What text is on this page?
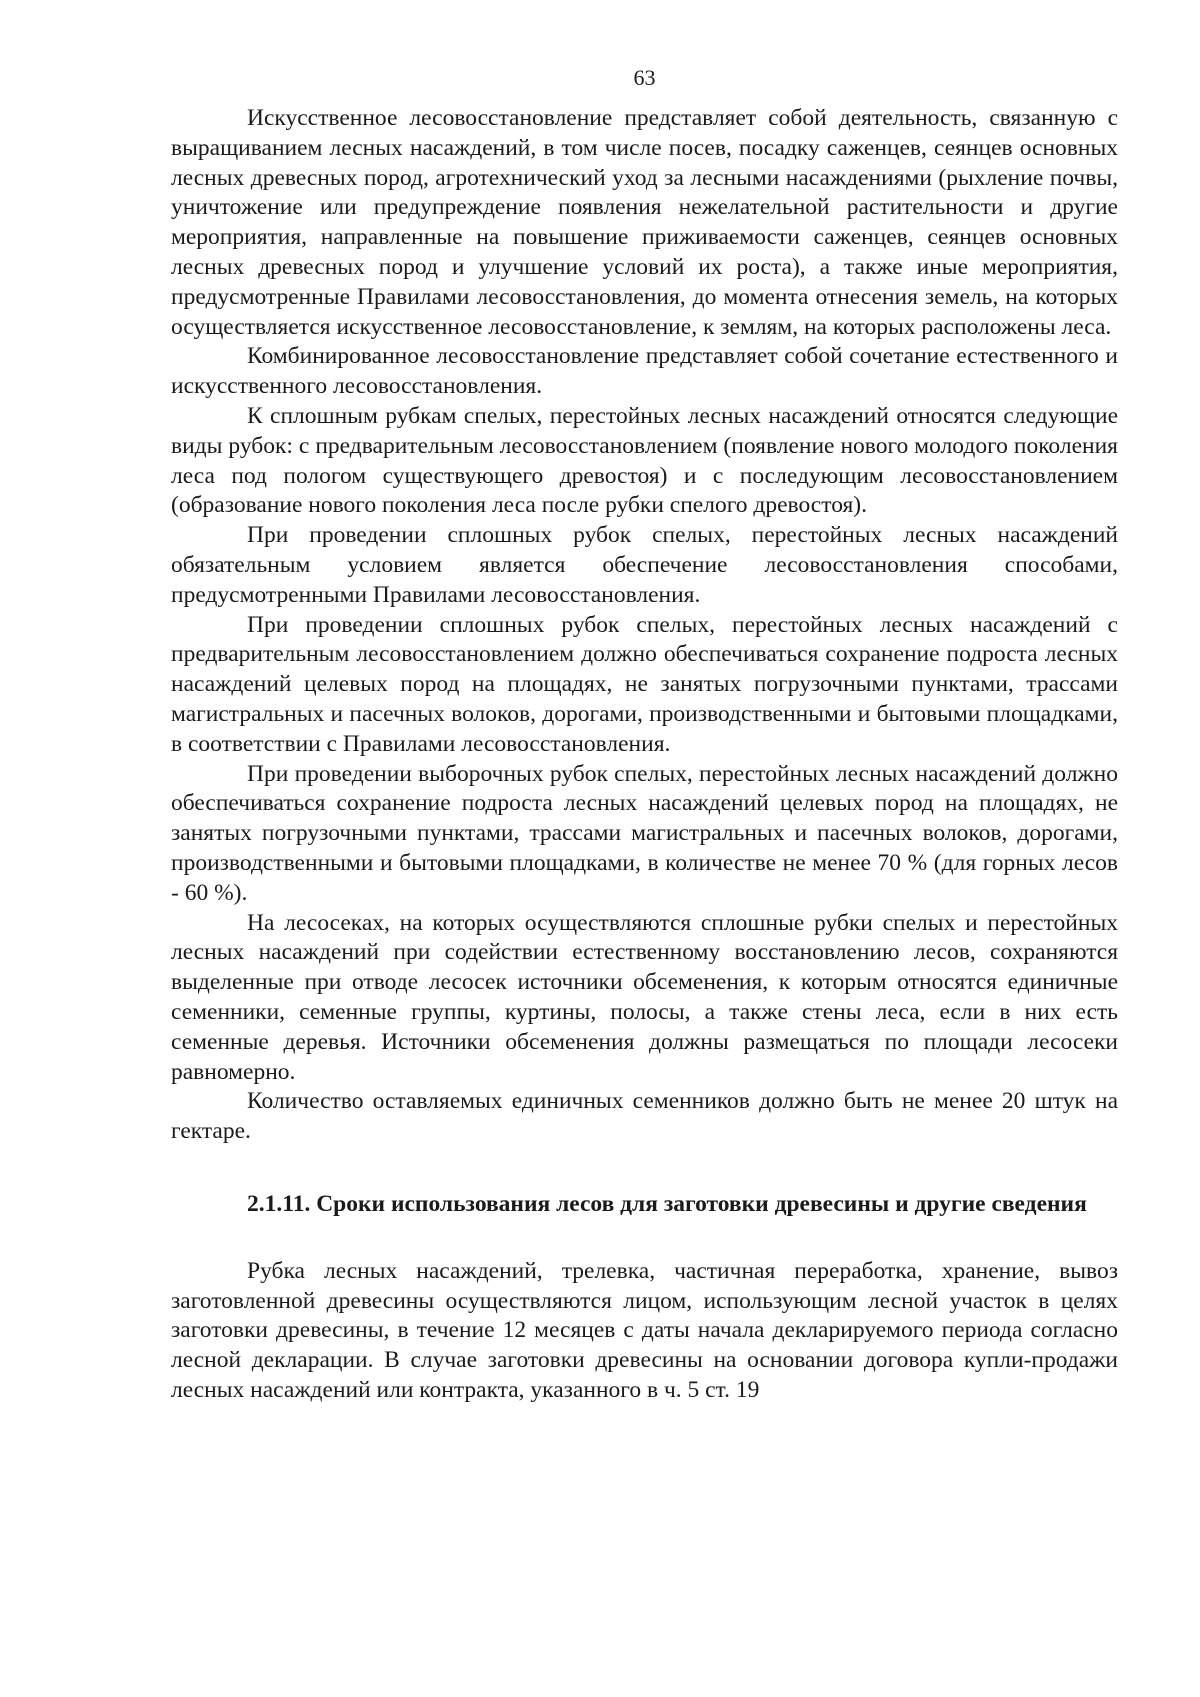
63

Искусственное лесовосстановление представляет собой деятельность, связанную с выращиванием лесных насаждений, в том числе посев, посадку саженцев, сеянцев основных лесных древесных пород, агротехнический уход за лесными насаждениями (рыхление почвы, уничтожение или предупреждение появления нежелательной растительности и другие мероприятия, направленные на повышение приживаемости саженцев, сеянцев основных лесных древесных пород и улучшение условий их роста), а также иные мероприятия, предусмотренные Правилами лесовосстановления, до момента отнесения земель, на которых осуществляется искусственное лесовосстановление, к землям, на которых расположены леса.

Комбинированное лесовосстановление представляет собой сочетание естественного и искусственного лесовосстановления.

К сплошным рубкам спелых, перестойных лесных насаждений относятся следующие виды рубок: с предварительным лесовосстановлением (появление нового молодого поколения леса под пологом существующего древостоя) и с последующим лесовосстановлением (образование нового поколения леса после рубки спелого древостоя).

При проведении сплошных рубок спелых, перестойных лесных насаждений обязательным условием является обеспечение лесовосстановления способами, предусмотренными Правилами лесовосстановления.

При проведении сплошных рубок спелых, перестойных лесных насаждений с предварительным лесовосстановлением должно обеспечиваться сохранение подроста лесных насаждений целевых пород на площадях, не занятых погрузочными пунктами, трассами магистральных и пасечных волоков, дорогами, производственными и бытовыми площадками, в соответствии с Правилами лесовосстановления.

При проведении выборочных рубок спелых, перестойных лесных насаждений должно обеспечиваться сохранение подроста лесных насаждений целевых пород на площадях, не занятых погрузочными пунктами, трассами магистральных и пасечных волоков, дорогами, производственными и бытовыми площадками, в количестве не менее 70 % (для горных лесов - 60 %).

На лесосеках, на которых осуществляются сплошные рубки спелых и перестойных лесных насаждений при содействии естественному восстановлению лесов, сохраняются выделенные при отводе лесосек источники обсеменения, к которым относятся единичные семенники, семенные группы, куртины, полосы, а также стены леса, если в них есть семенные деревья. Источники обсеменения должны размещаться по площади лесосеки равномерно.

Количество оставляемых единичных семенников должно быть не менее 20 штук на гектаре.

2.1.11. Сроки использования лесов для заготовки древесины и другие сведения

Рубка лесных насаждений, трелевка, частичная переработка, хранение, вывоз заготовленной древесины осуществляются лицом, использующим лесной участок в целях заготовки древесины, в течение 12 месяцев с даты начала декларируемого периода согласно лесной декларации. В случае заготовки древесины на основании договора купли-продажи лесных насаждений или контракта, указанного в ч. 5 ст. 19
